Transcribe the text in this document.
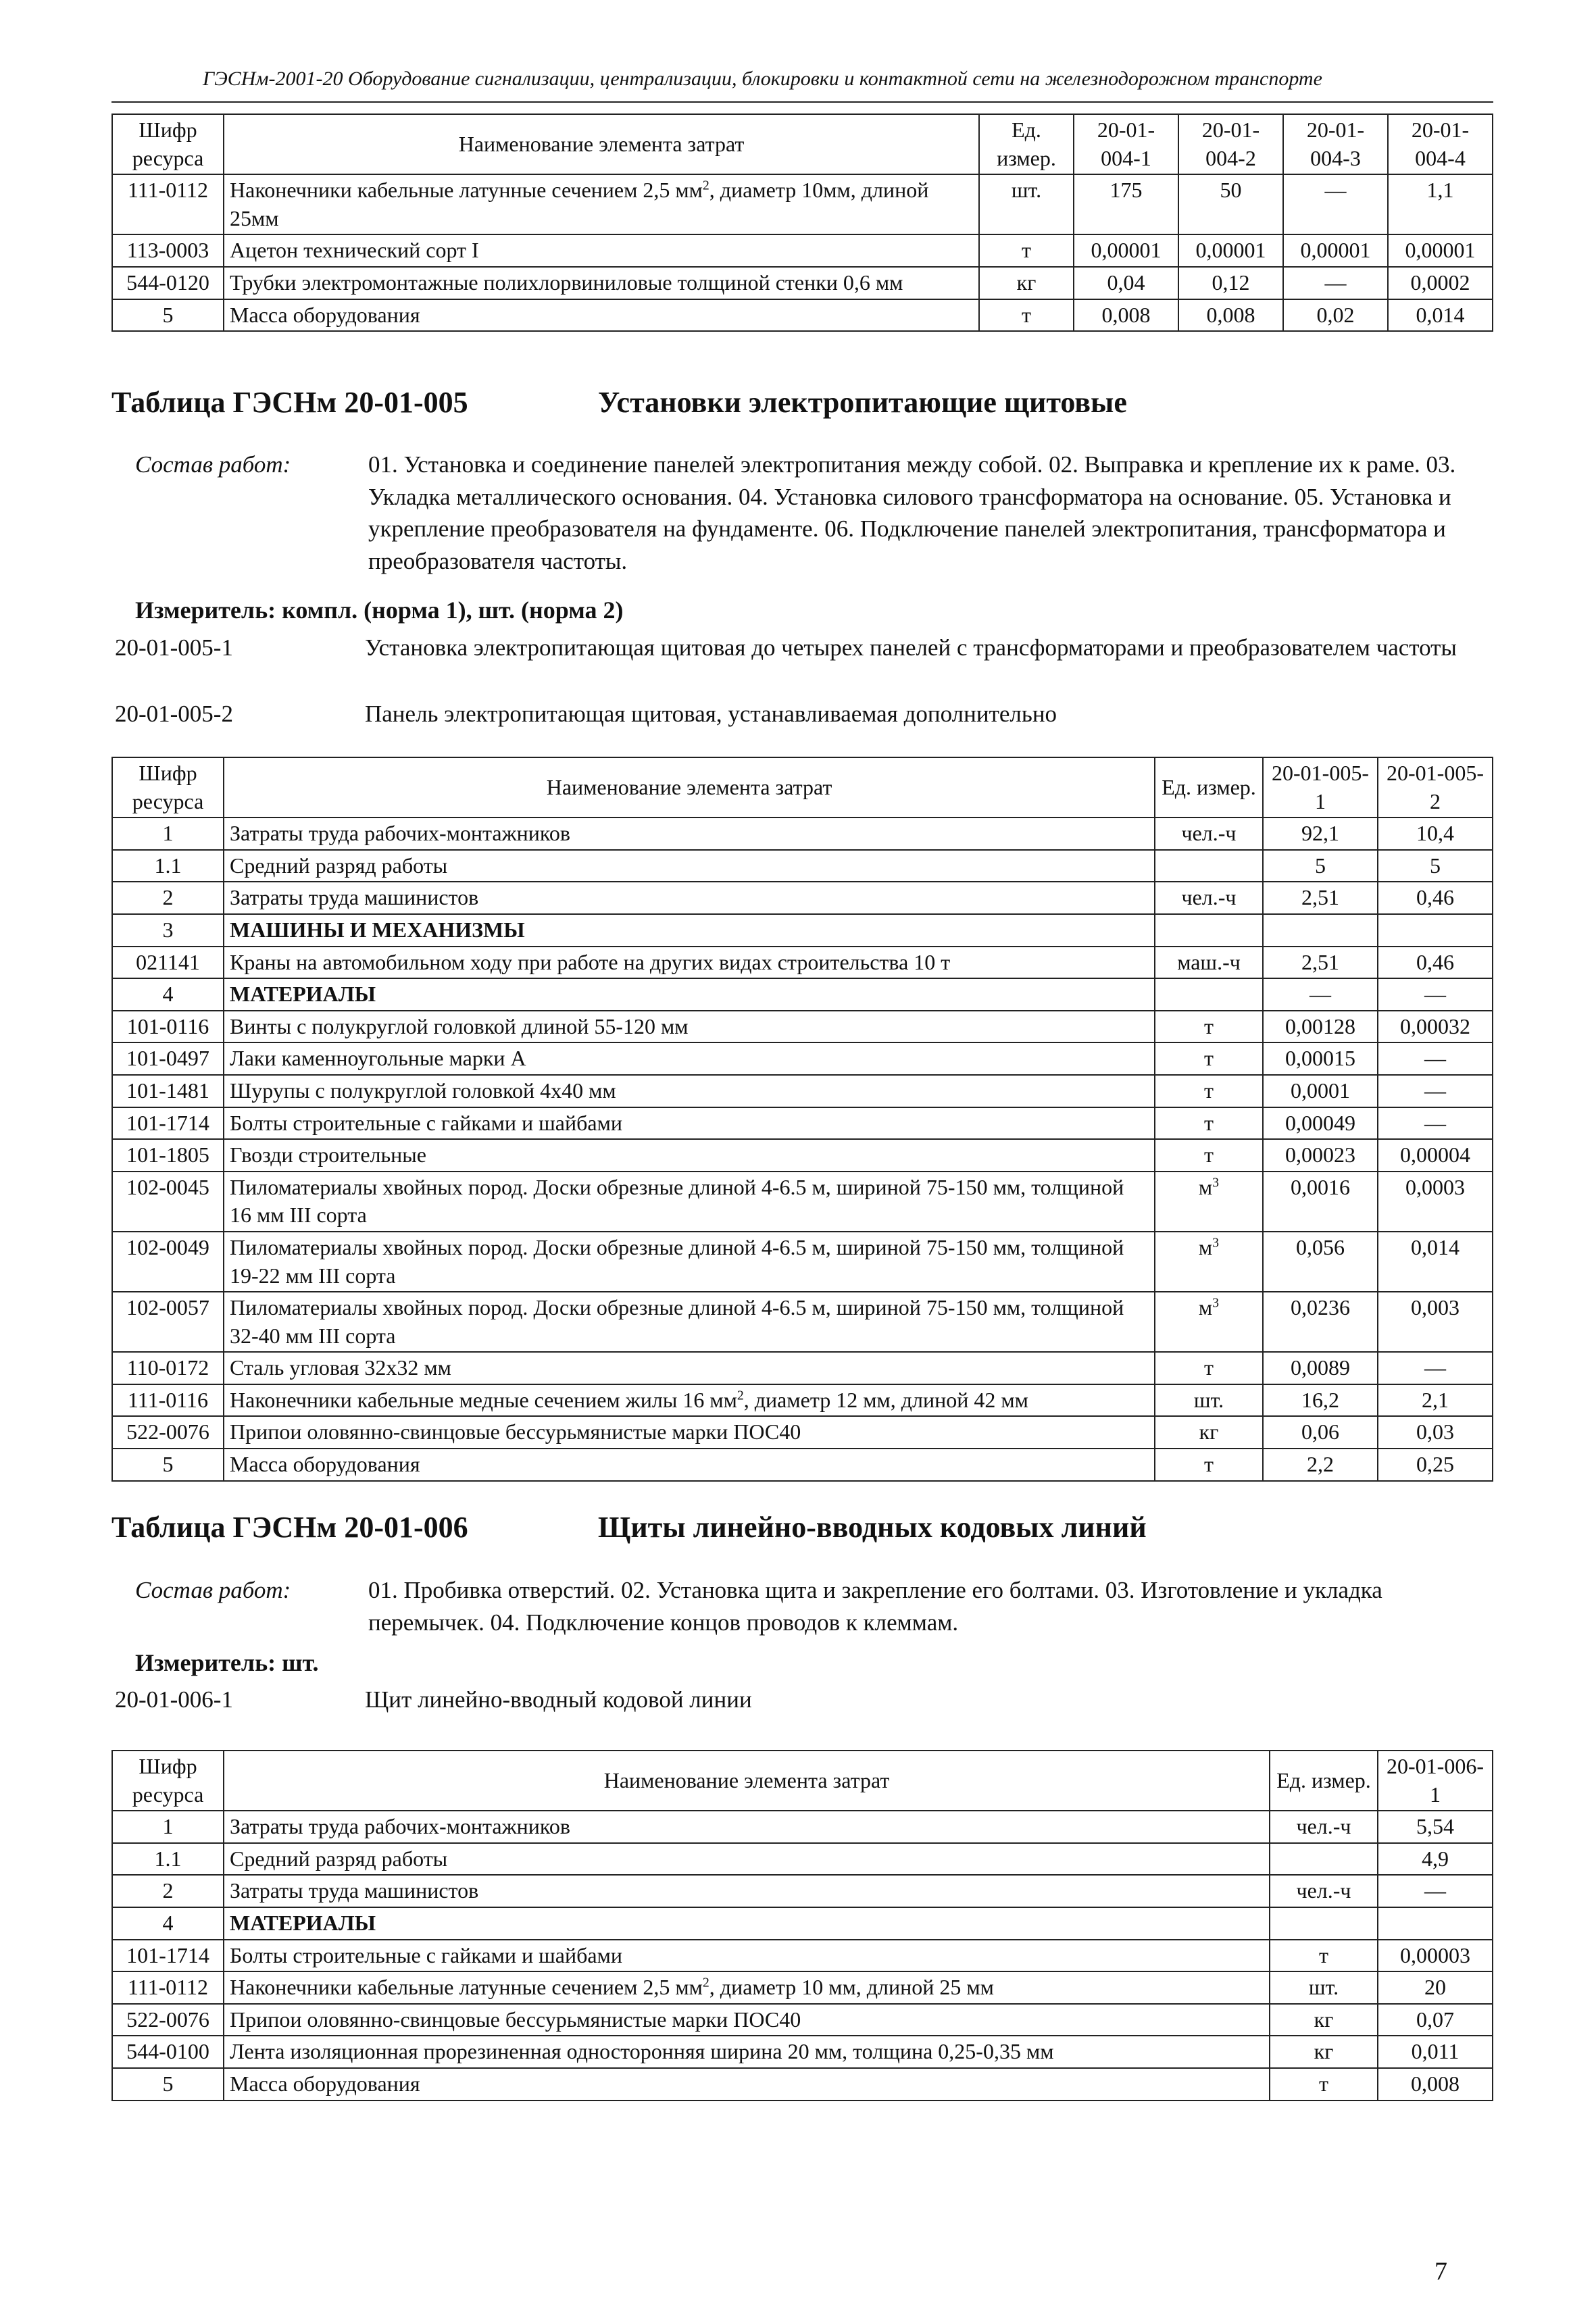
ГЭСНм-2001-20 Оборудование сигнализации, централизации, блокировки и контактной сети на железнодорожном транспорте
Шифр ресурса	Наименование элемента затрат	Ед. измер.	20-01-004-1	20-01-004-2	20-01-004-3	20-01-004-4
111-0112	Наконечники кабельные латунные сечением 2,5 $мм^2$, диаметр 10мм, длиной 25мм	шт.	175	50	—	1,1
113-0003	Ацетон технический сорт I	т	0,00001	0,00001	0,00001	0,00001
544-0120	Трубки электромонтажные полихлорвиниловые толщиной стенки 0,6 мм	кг	0,04	0,12	—	0,0002
5	Масса оборудования	т	0,008	0,008	0,02	0,014
Таблица ГЭСНм 20-01-005	Установки электропитающие щитовые
Состав работ:	01. Установка и соединение панелей электропитания между собой. 02. Выправка и крепление их к раме. 03. Укладка металлического основания. 04. Установка силового трансформатора на основание. 05. Установка и укрепление преобразователя на фундаменте. 06. Подключение панелей электропитания, трансформатора и преобразователя частоты.
Измеритель: компл. (норма 1), шт. (норма 2)
20-01-005-1	Установка электропитающая щитовая до четырех панелей с трансформаторами и преобразователем частоты
20-01-005-2	Панель электропитающая щитовая, устанавливаемая дополнительно
Шифр ресурса	Наименование элемента затрат	Ед. измер.	20-01-005-1	20-01-005-2
1	Затраты труда рабочих-монтажников	чел.-ч	92,1	10,4
1.1	Средний разряд работы		5	5
2	Затраты труда машинистов	чел.-ч	2,51	0,46
3	МАШИНЫ И МЕХАНИЗМЫ			
021141	Краны на автомобильном ходу при работе на других видах строительства 10 т	маш.-ч	2,51	0,46
4	МАТЕРИАЛЫ		—	—
101-0116	Винты с полукруглой головкой длиной 55-120 мм	т	0,00128	0,00032
101-0497	Лаки каменноугольные марки А	т	0,00015	—
101-1481	Шурупы с полукруглой головкой 4х40 мм	т	0,0001	—
101-1714	Болты строительные с гайками и шайбами	т	0,00049	—
101-1805	Гвозди строительные	т	0,00023	0,00004
102-0045	Пиломатериалы хвойных пород. Доски обрезные длиной 4-6.5 м, шириной 75-150 мм, толщиной 16 мм III сорта	$м^3$	0,0016	0,0003
102-0049	Пиломатериалы хвойных пород. Доски обрезные длиной 4-6.5 м, шириной 75-150 мм, толщиной 19-22 мм III сорта	$м^3$	0,056	0,014
102-0057	Пиломатериалы хвойных пород. Доски обрезные длиной 4-6.5 м, шириной 75-150 мм, толщиной 32-40 мм III сорта	$м^3$	0,0236	0,003
110-0172	Сталь угловая 32х32 мм	т	0,0089	—
111-0116	Наконечники кабельные медные сечением жилы 16 $мм^2$, диаметр 12 мм, длиной 42 мм	шт.	16,2	2,1
522-0076	Припои оловянно-свинцовые бессурьмянистые марки ПОС40	кг	0,06	0,03
5	Масса оборудования	т	2,2	0,25
Таблица ГЭСНм 20-01-006	Щиты линейно-вводных кодовых линий
Состав работ:	01. Пробивка отверстий. 02. Установка щита и закрепление его болтами. 03. Изготовление и укладка перемычек. 04. Подключение концов проводов к клеммам.
Измеритель: шт.
20-01-006-1	Щит линейно-вводный кодовой линии
Шифр ресурса	Наименование элемента затрат	Ед. измер.	20-01-006-1
1	Затраты труда рабочих-монтажников	чел.-ч	5,54
1.1	Средний разряд работы		4,9
2	Затраты труда машинистов	чел.-ч	—
4	МАТЕРИАЛЫ		
101-1714	Болты строительные с гайками и шайбами	т	0,00003
111-0112	Наконечники кабельные латунные сечением 2,5 $мм^2$, диаметр 10 мм, длиной 25 мм	шт.	20
522-0076	Припои оловянно-свинцовые бессурьмянистые марки ПОС40	кг	0,07
544-0100	Лента изоляционная прорезиненная односторонняя ширина 20 мм, толщина 0,25-0,35 мм	кг	0,011
5	Масса оборудования	т	0,008
7
